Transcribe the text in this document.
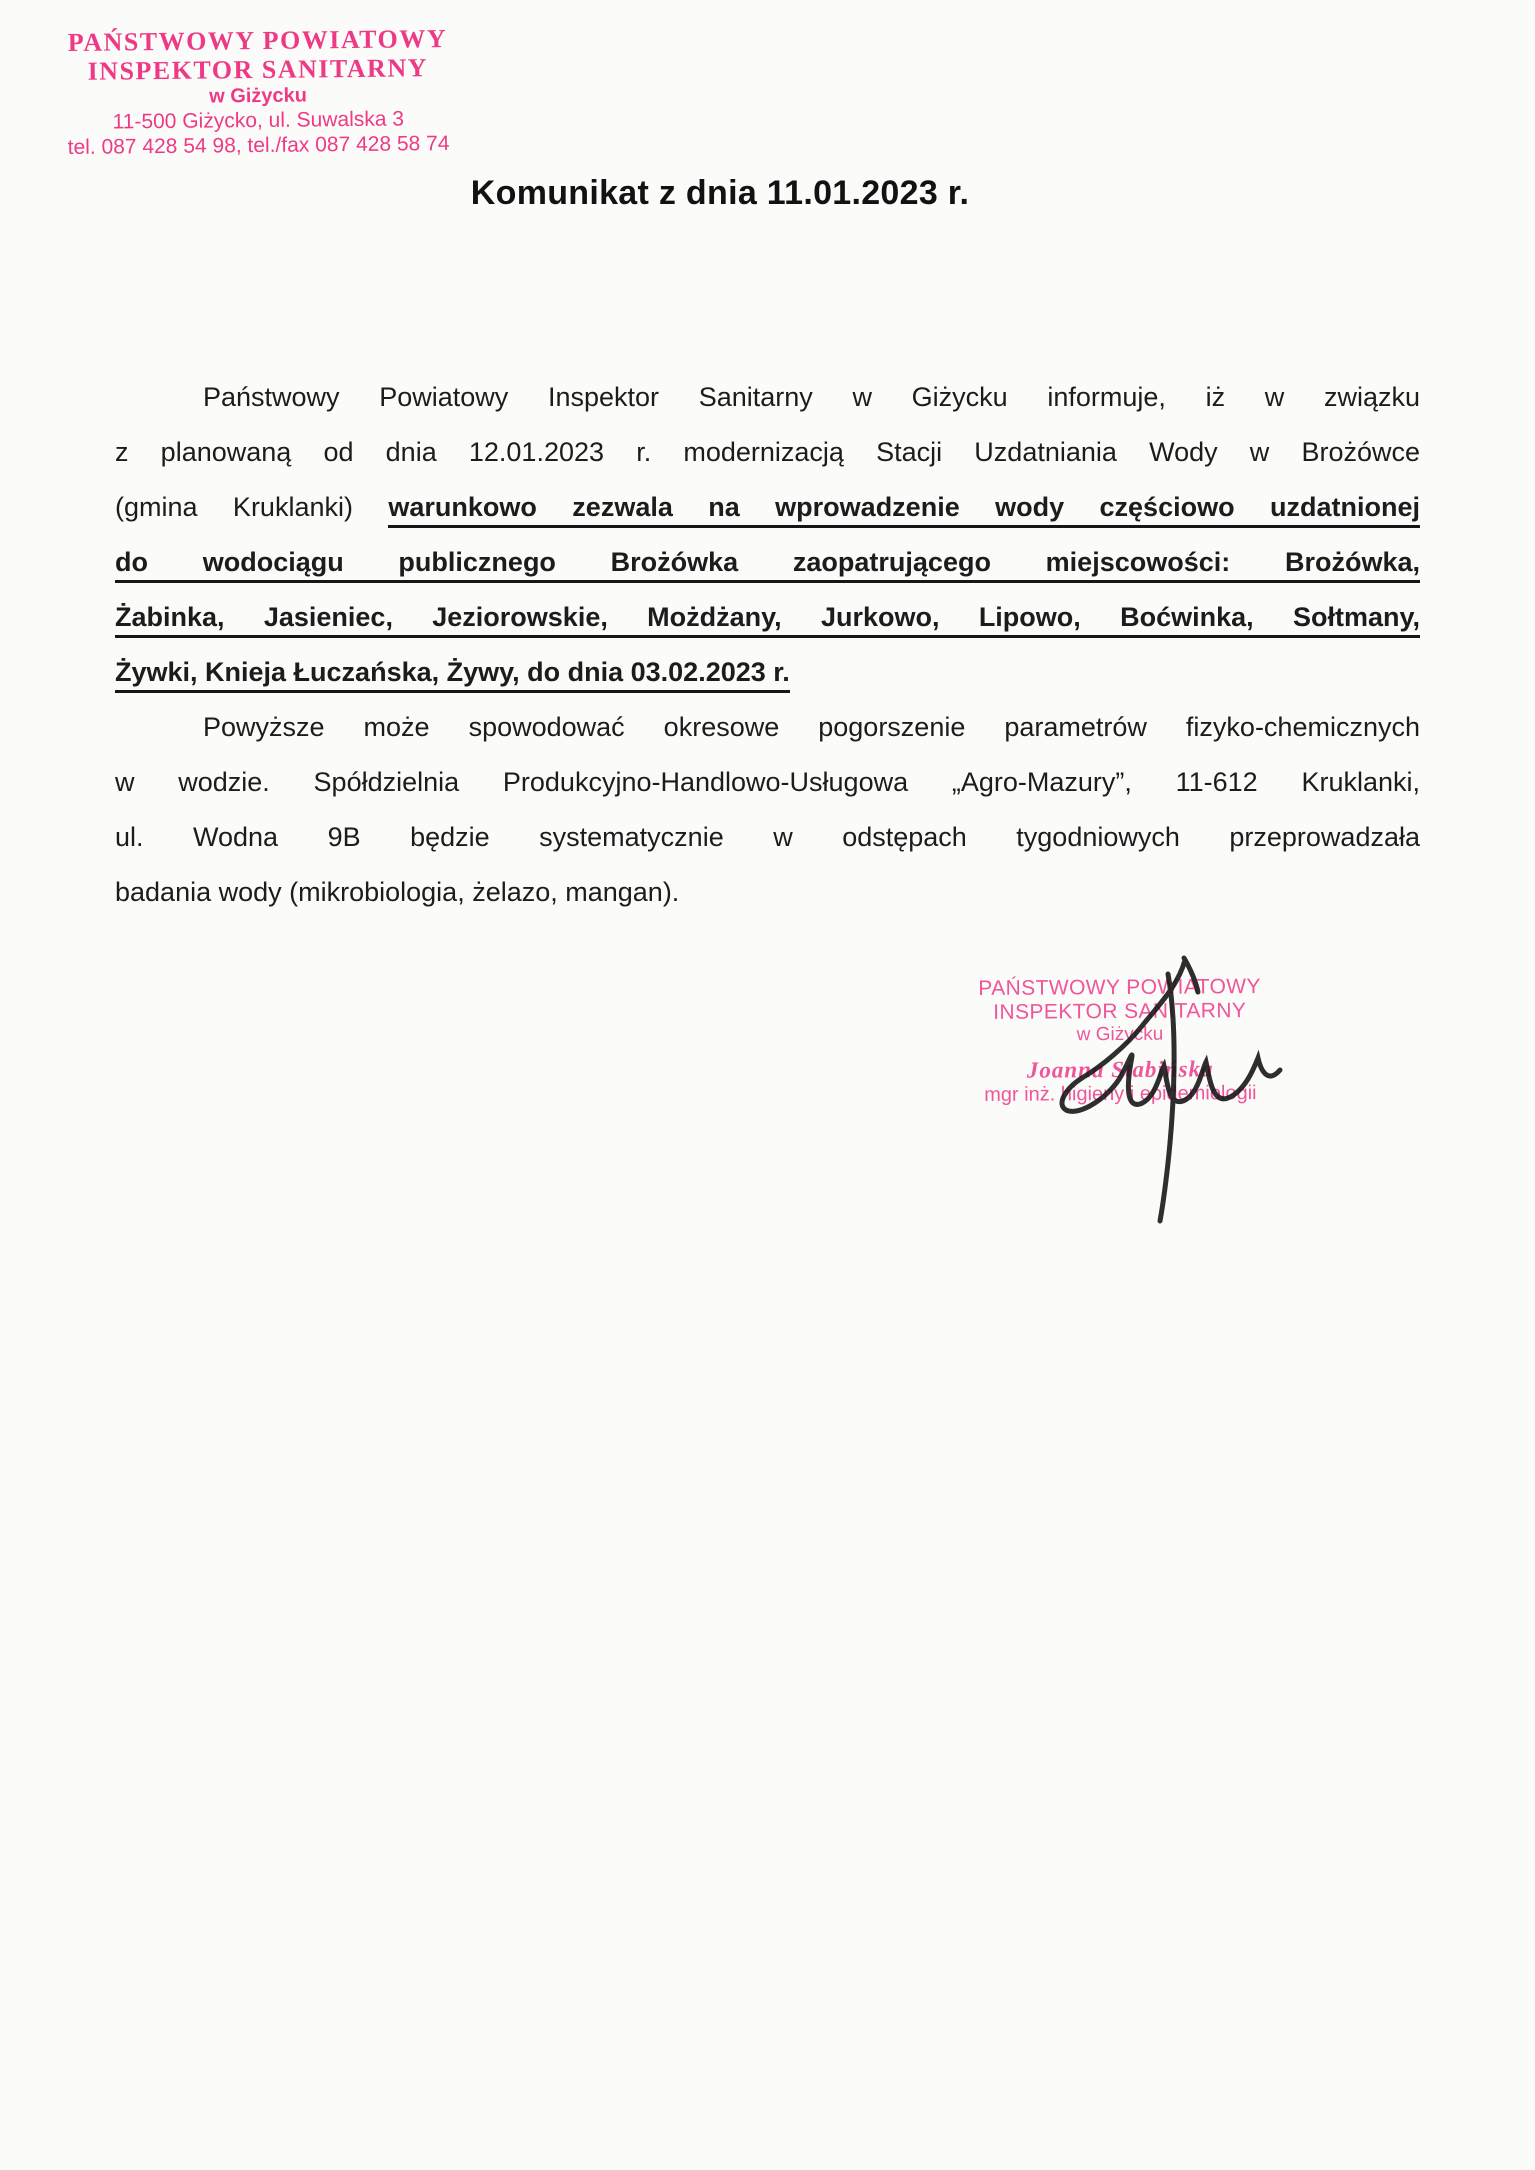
PAŃSTWOWY POWIATOWY
INSPEKTOR SANITARNY
w Giżycku
11-500 Giżycko, ul. Suwalska 3
tel. 087 428 54 98, tel./fax 087 428 58 74
Komunikat z dnia 11.01.2023 r.
Państwowy Powiatowy Inspektor Sanitarny w Giżycku informuje, iż w związku
z planowaną od dnia 12.01.2023 r. modernizacją Stacji Uzdatniania Wody w Brożówce
(gmina Kruklanki) warunkowo zezwala na wprowadzenie wody częściowo uzdatnionej
do wodociągu publicznego Brożówka zaopatrującego miejscowości: Brożówka,
Żabinka, Jasieniec, Jeziorowskie, Możdżany, Jurkowo, Lipowo, Boćwinka, Sołtmany,
Żywki, Knieja Łuczańska, Żywy, do dnia 03.02.2023 r.
Powyższe może spowodować okresowe pogorszenie parametrów fizyko-chemicznych
w wodzie. Spółdzielnia Produkcyjno-Handlowo-Usługowa „Agro-Mazury”, 11-612 Kruklanki,
ul. Wodna 9B będzie systematycznie w odstępach tygodniowych przeprowadzała
badania wody (mikrobiologia, żelazo, mangan).
PAŃSTWOWY POWIATOWY
INSPEKTOR SANITARNY
w Giżycku
Joanna Stabińska
mgr inż. higieny i epidemiologii
